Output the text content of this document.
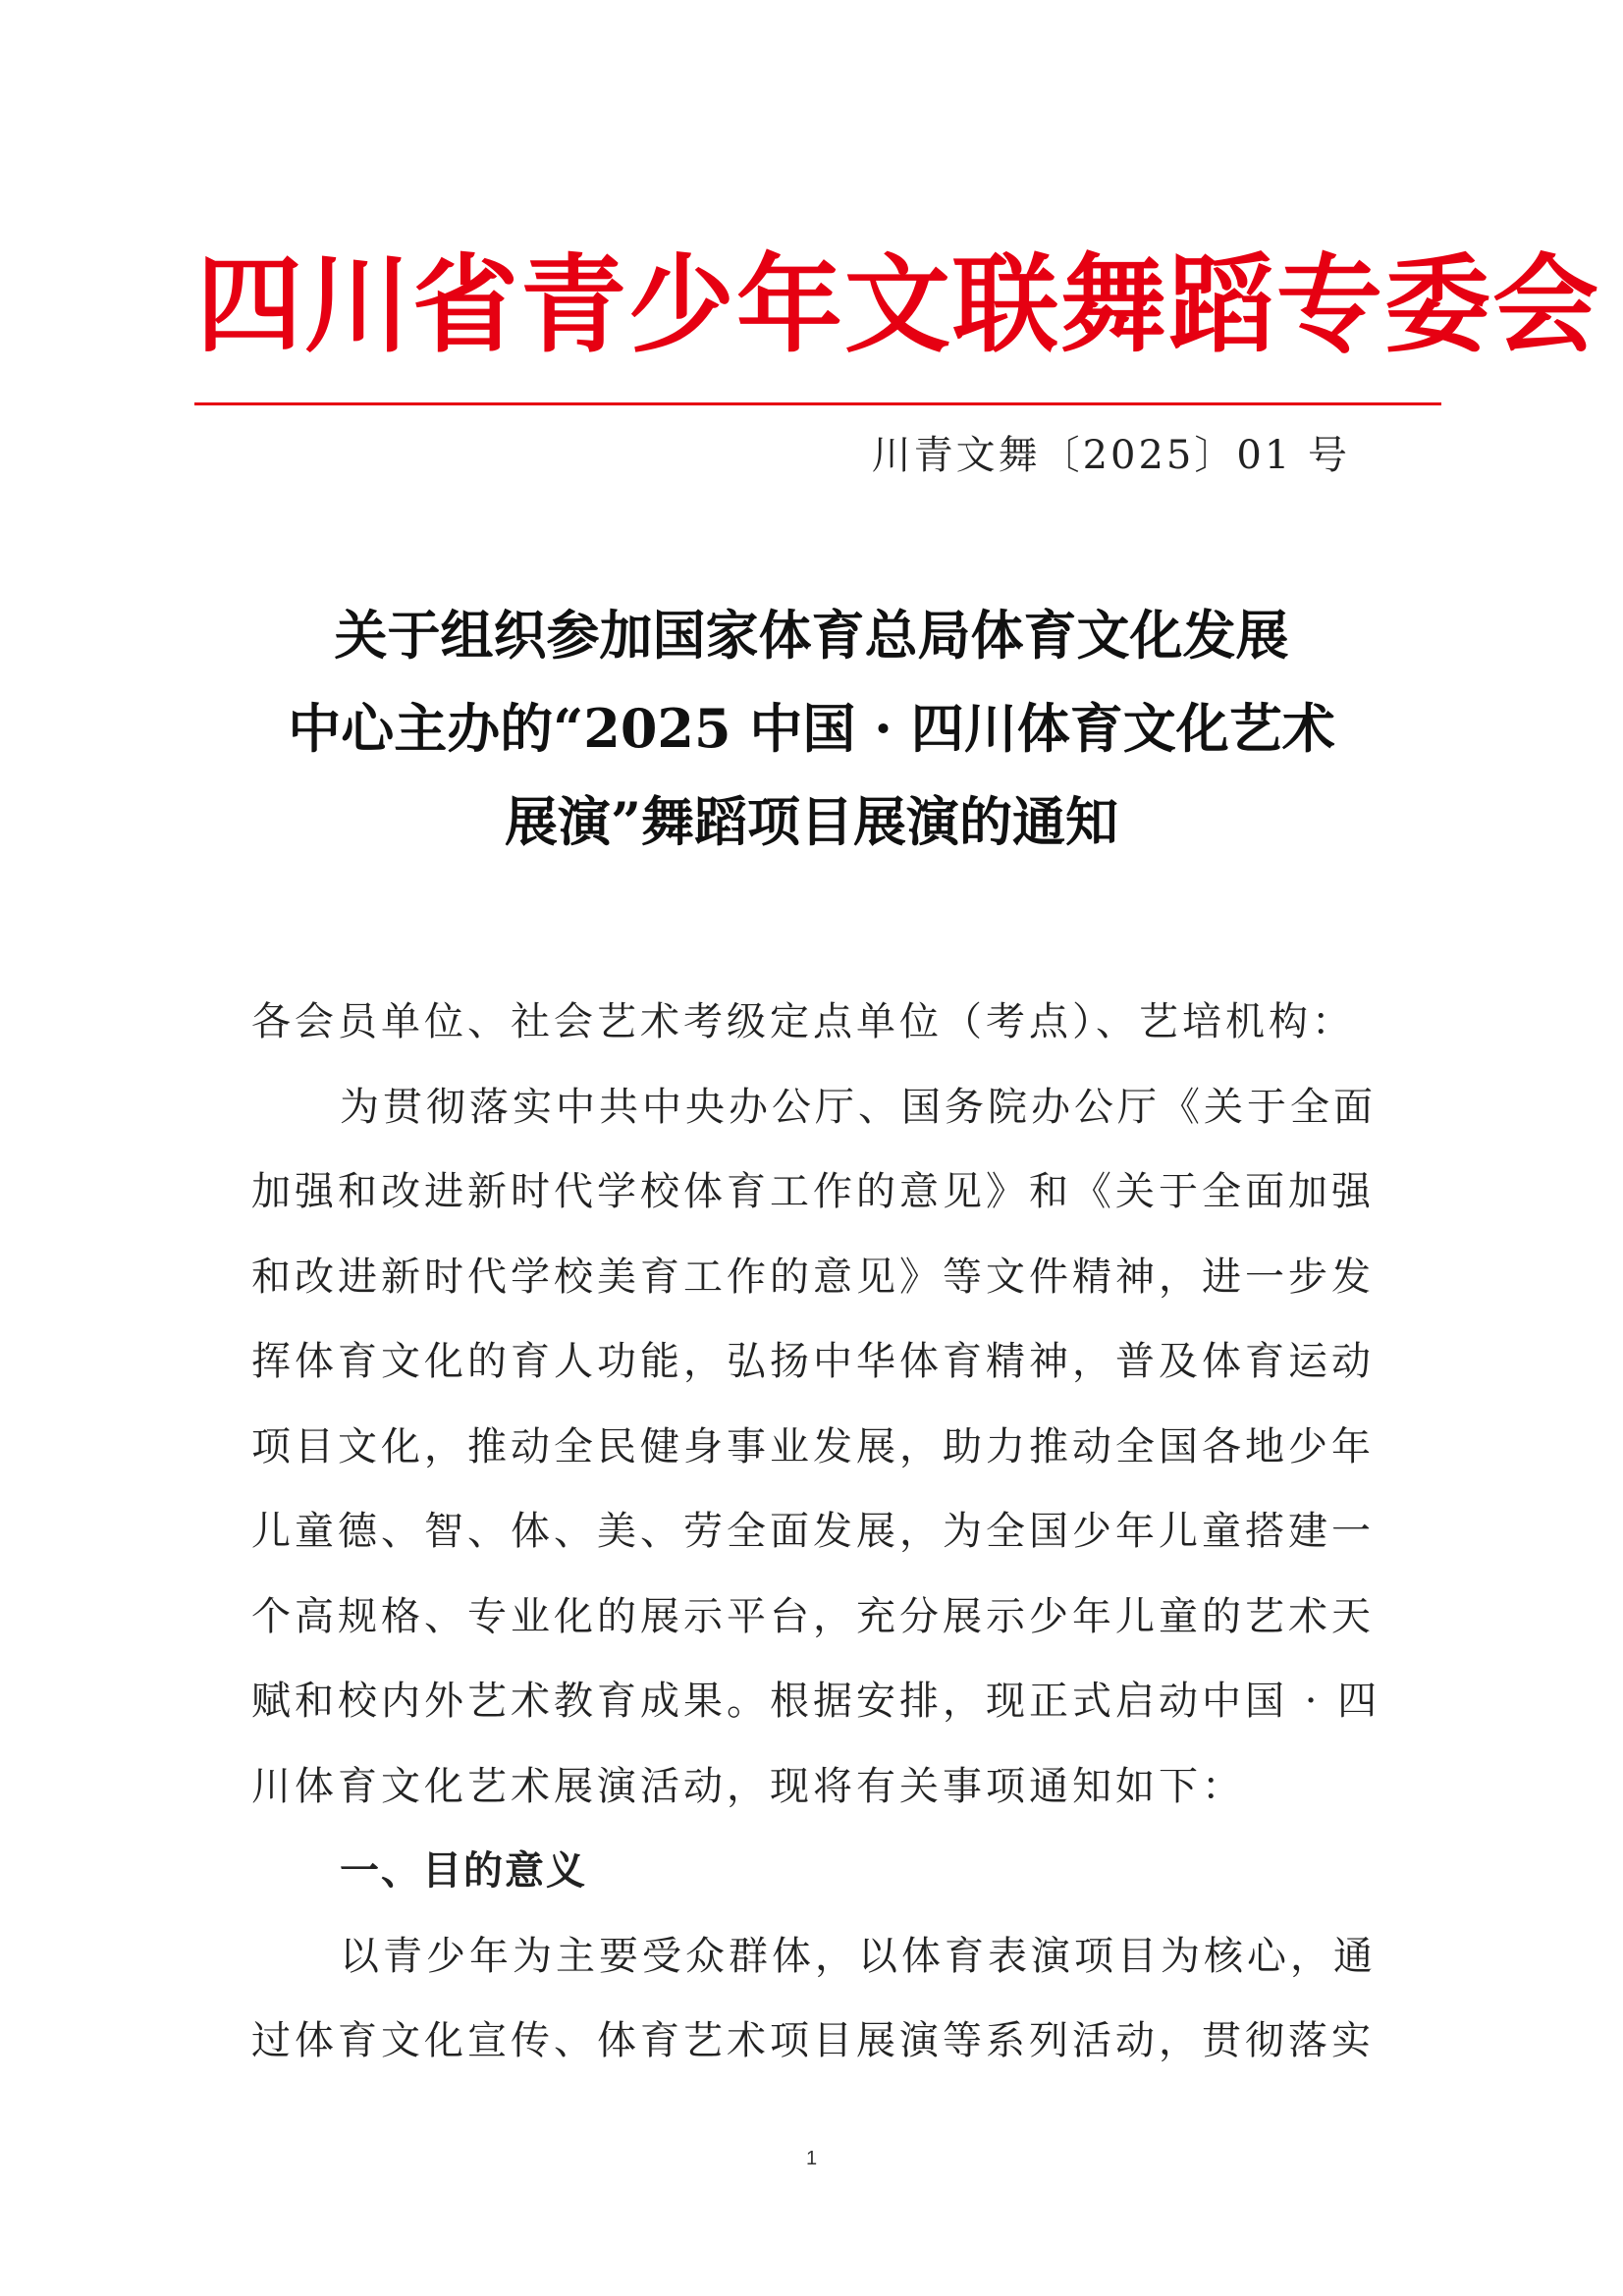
四川省青少年文联舞蹈专委会
川青文舞〔2025〕01 号
关于组织参加国家体育总局体育文化发展
中心主办的“2025 中国 · 四川体育文化艺术
展演”舞蹈项目展演的通知
各会员单位、社会艺术考级定点单位（考点）、艺培机构：
为贯彻落实中共中央办公厅、国务院办公厅《关于全面
加强和改进新时代学校体育工作的意见》和《关于全面加强
和改进新时代学校美育工作的意见》等文件精神，进一步发
挥体育文化的育人功能，弘扬中华体育精神，普及体育运动
项目文化，推动全民健身事业发展，助力推动全国各地少年
儿童德、智、体、美、劳全面发展，为全国少年儿童搭建一
个高规格、专业化的展示平台，充分展示少年儿童的艺术天
赋和校内外艺术教育成果。根据安排，现正式启动中国 · 四
川体育文化艺术展演活动，现将有关事项通知如下：
一、目的意义
以青少年为主要受众群体，以体育表演项目为核心，通
过体育文化宣传、体育艺术项目展演等系列活动，贯彻落实
1
